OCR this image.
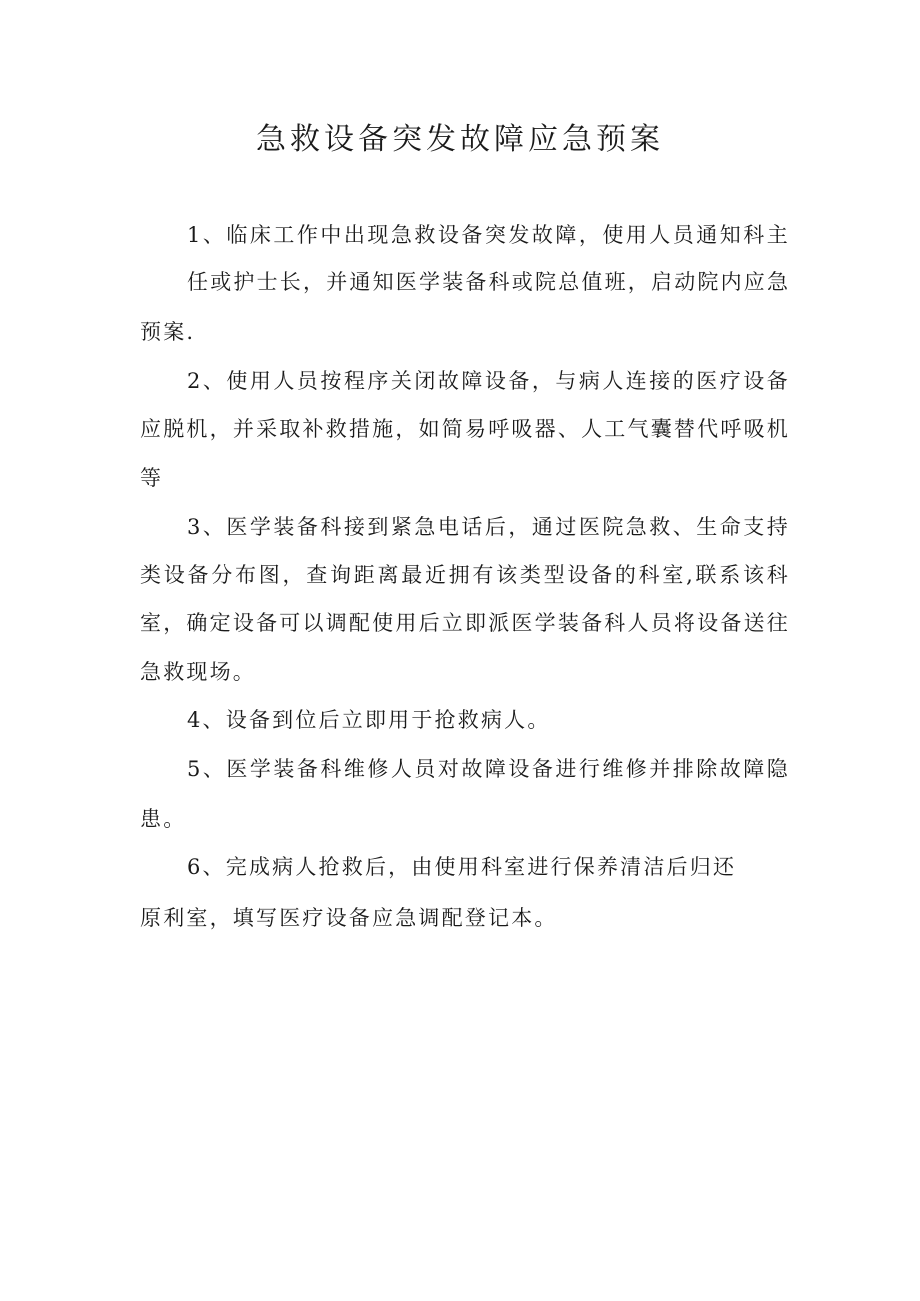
急救设备突发故障应急预案
1、临床工作中出现急救设备突发故障，使用人员通知科主
任或护士长，并通知医学装备科或院总值班，启动院内应急
预案.
2、使用人员按程序关闭故障设备，与病人连接的医疗设备
应脱机，并采取补救措施，如简易呼吸器、人工气囊替代呼吸机
等
3、医学装备科接到紧急电话后，通过医院急救、生命支持
类设备分布图，查询距离最近拥有该类型设备的科室,联系该科
室，确定设备可以调配使用后立即派医学装备科人员将设备送往
急救现场。
4、设备到位后立即用于抢救病人。
5、医学装备科维修人员对故障设备进行维修并排除故障隐
患。
6、完成病人抢救后，由使用科室进行保养清洁后归还
原利室，填写医疗设备应急调配登记本。
